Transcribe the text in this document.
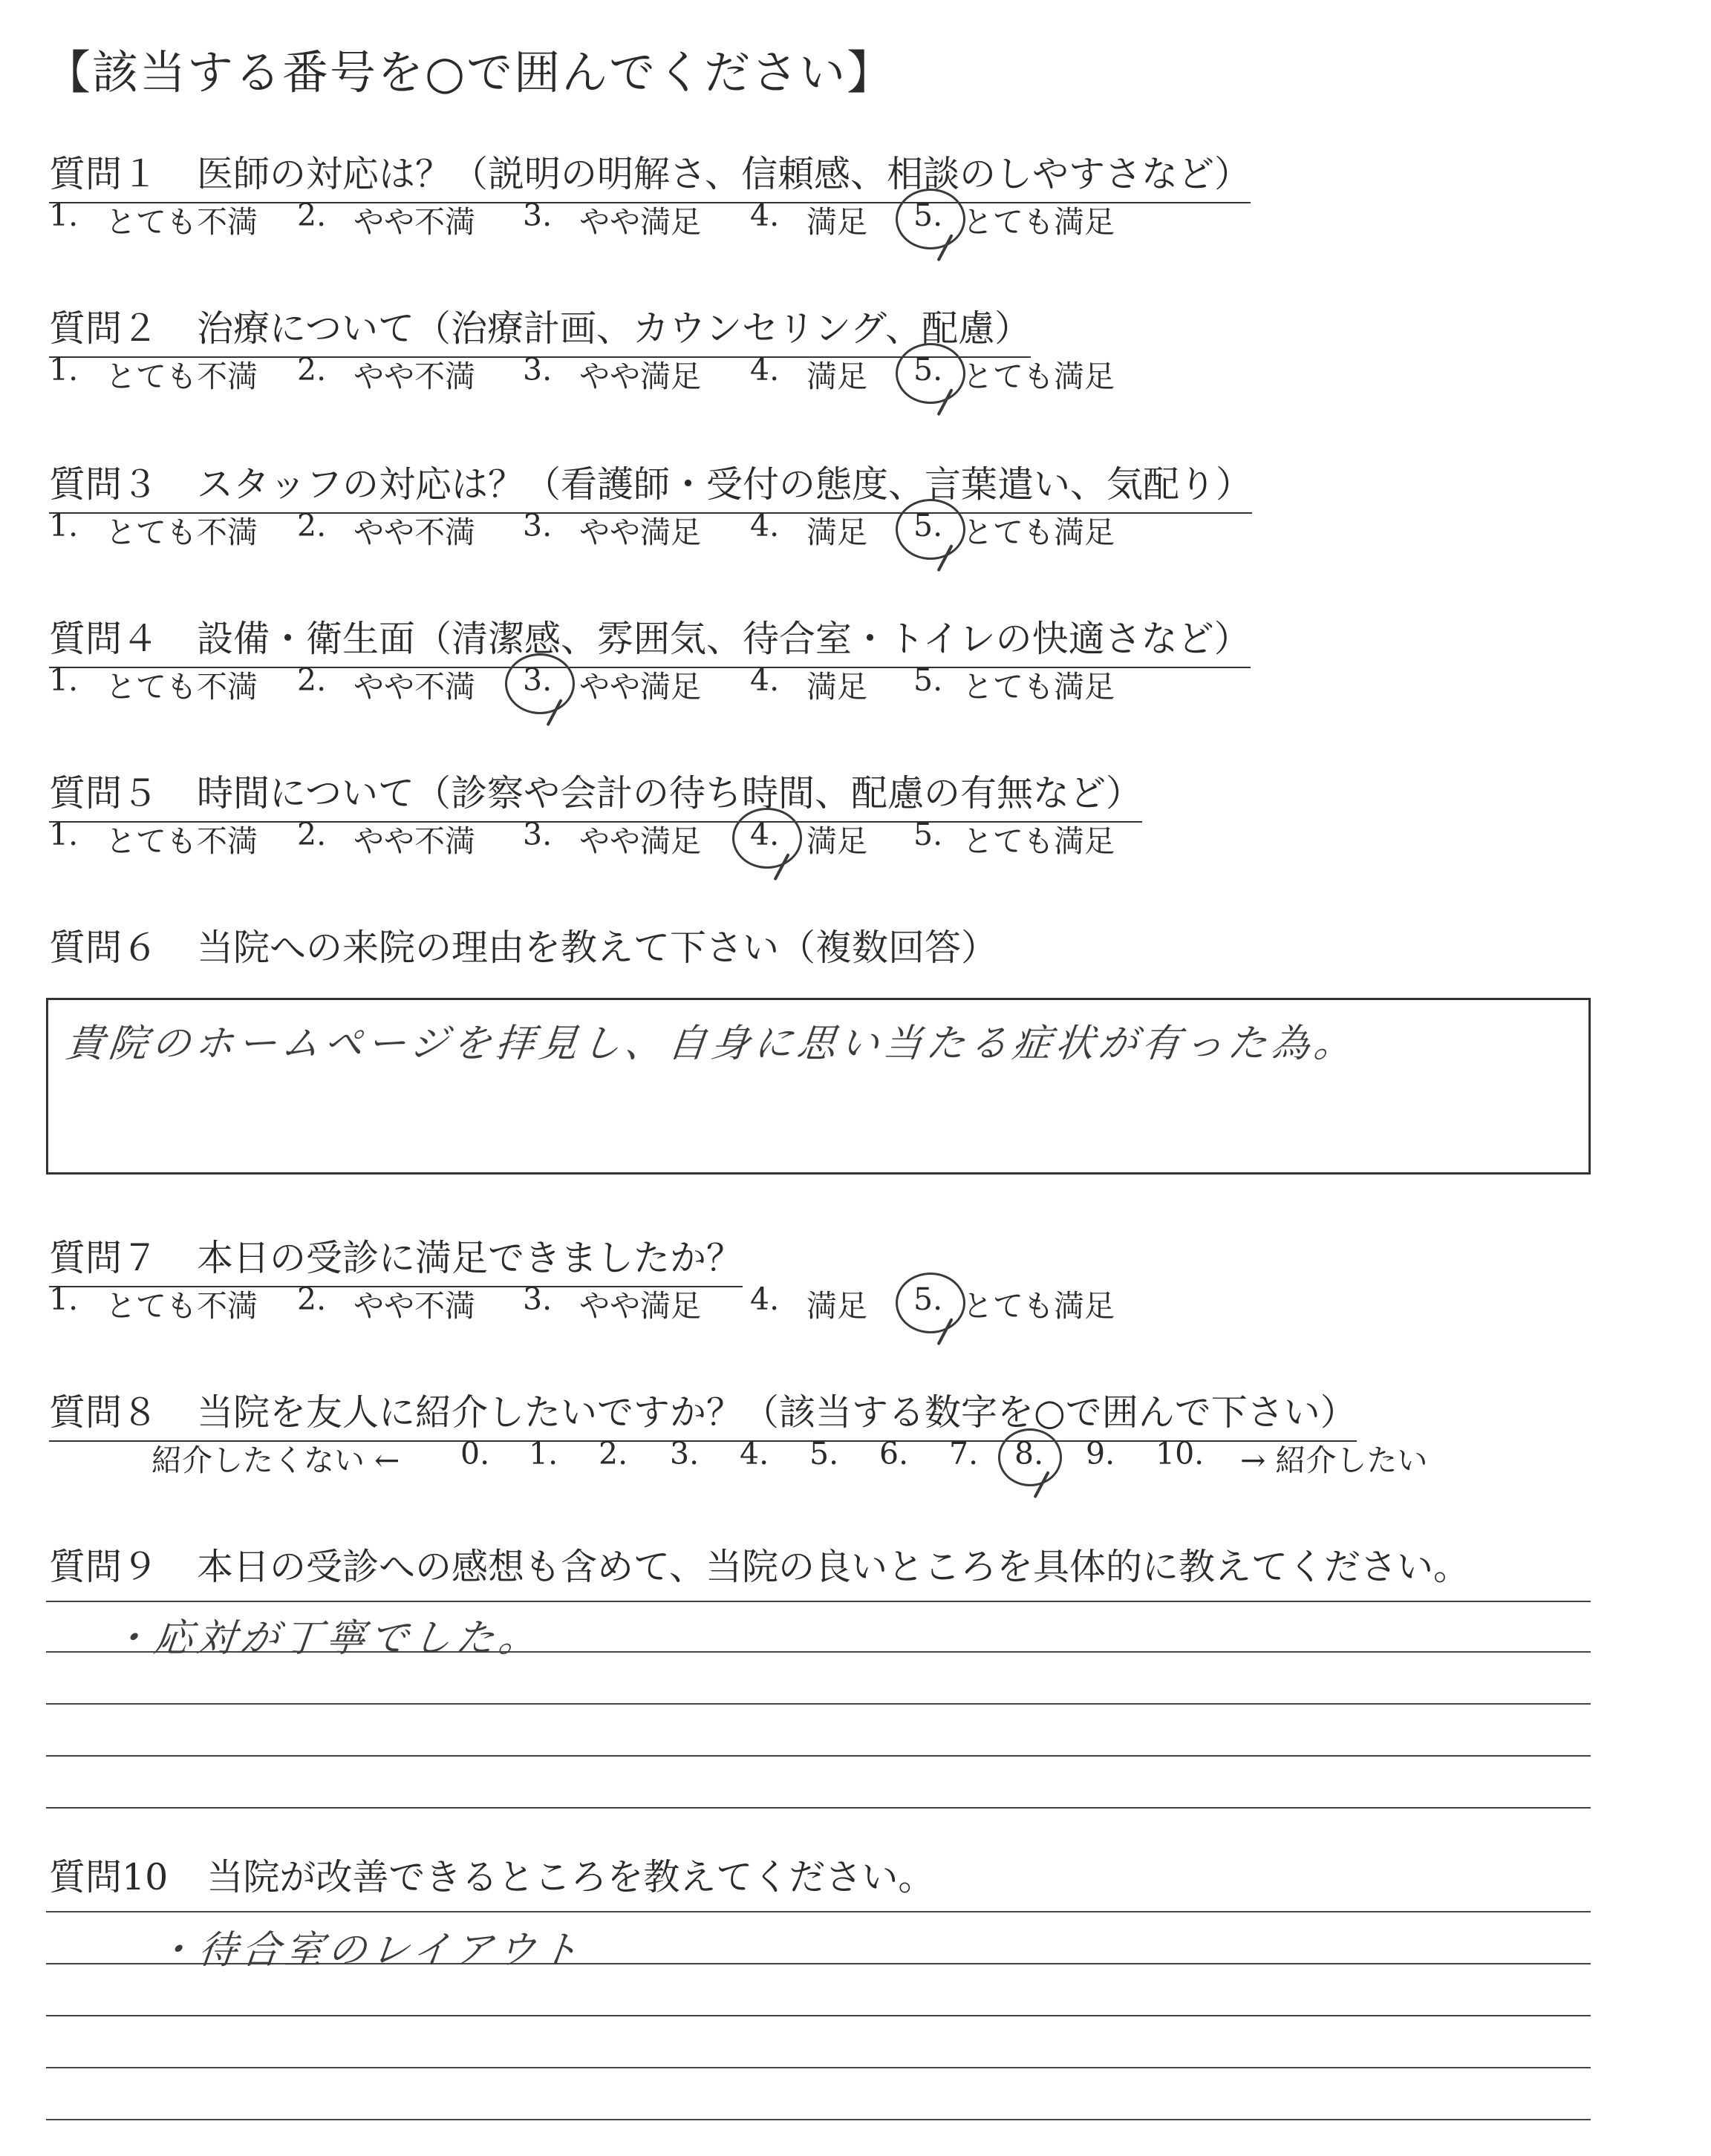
【該当する番号を○で囲んでください】
質問１ 医師の対応は？（説明の明解さ、信頼感、相談のしやすさなど）
質問２ 治療について（治療計画、カウンセリング、配慮）
質問３ スタッフの対応は？（看護師・受付の態度、言葉遣い、気配り）
質問４ 設備・衛生面（清潔感、雰囲気、待合室・トイレの快適さなど）
質問５ 時間について（診察や会計の待ち時間、配慮の有無など）
質問６ 当院への来院の理由を教えて下さい（複数回答）
質問７ 本日の受診に満足できましたか？
質問８ 当院を友人に紹介したいですか？（該当する数字を○で囲んで下さい）
質問９ 本日の受診への感想も含めて、当院の良いところを具体的に教えてください。
質問10 当院が改善できるところを教えてください。
1. とても不満 2. やや不満 3. やや満足 4. 満足 5. とても満足
1. とても不満 2. やや不満 3. やや満足 4. 満足 5. とても満足
1. とても不満 2. やや不満 3. やや満足 4. 満足 5. とても満足
1. とても不満 2. やや不満 3. やや満足 4. 満足 5. とても満足
1. とても不満 2. やや不満 3. やや満足 4. 満足 5. とても満足
1. とても不満 2. やや不満 3. やや満足 4. 満足 5. とても満足
貴院のホームページを拝見し、自身に思い当たる症状が有った為。
紹介したくない ←	→ 紹介したい
0. 1. 2. 3. 4. 5. 6. 7. 8. 9. 10.
・応対が丁寧でした。
・待合室のレイアウト
